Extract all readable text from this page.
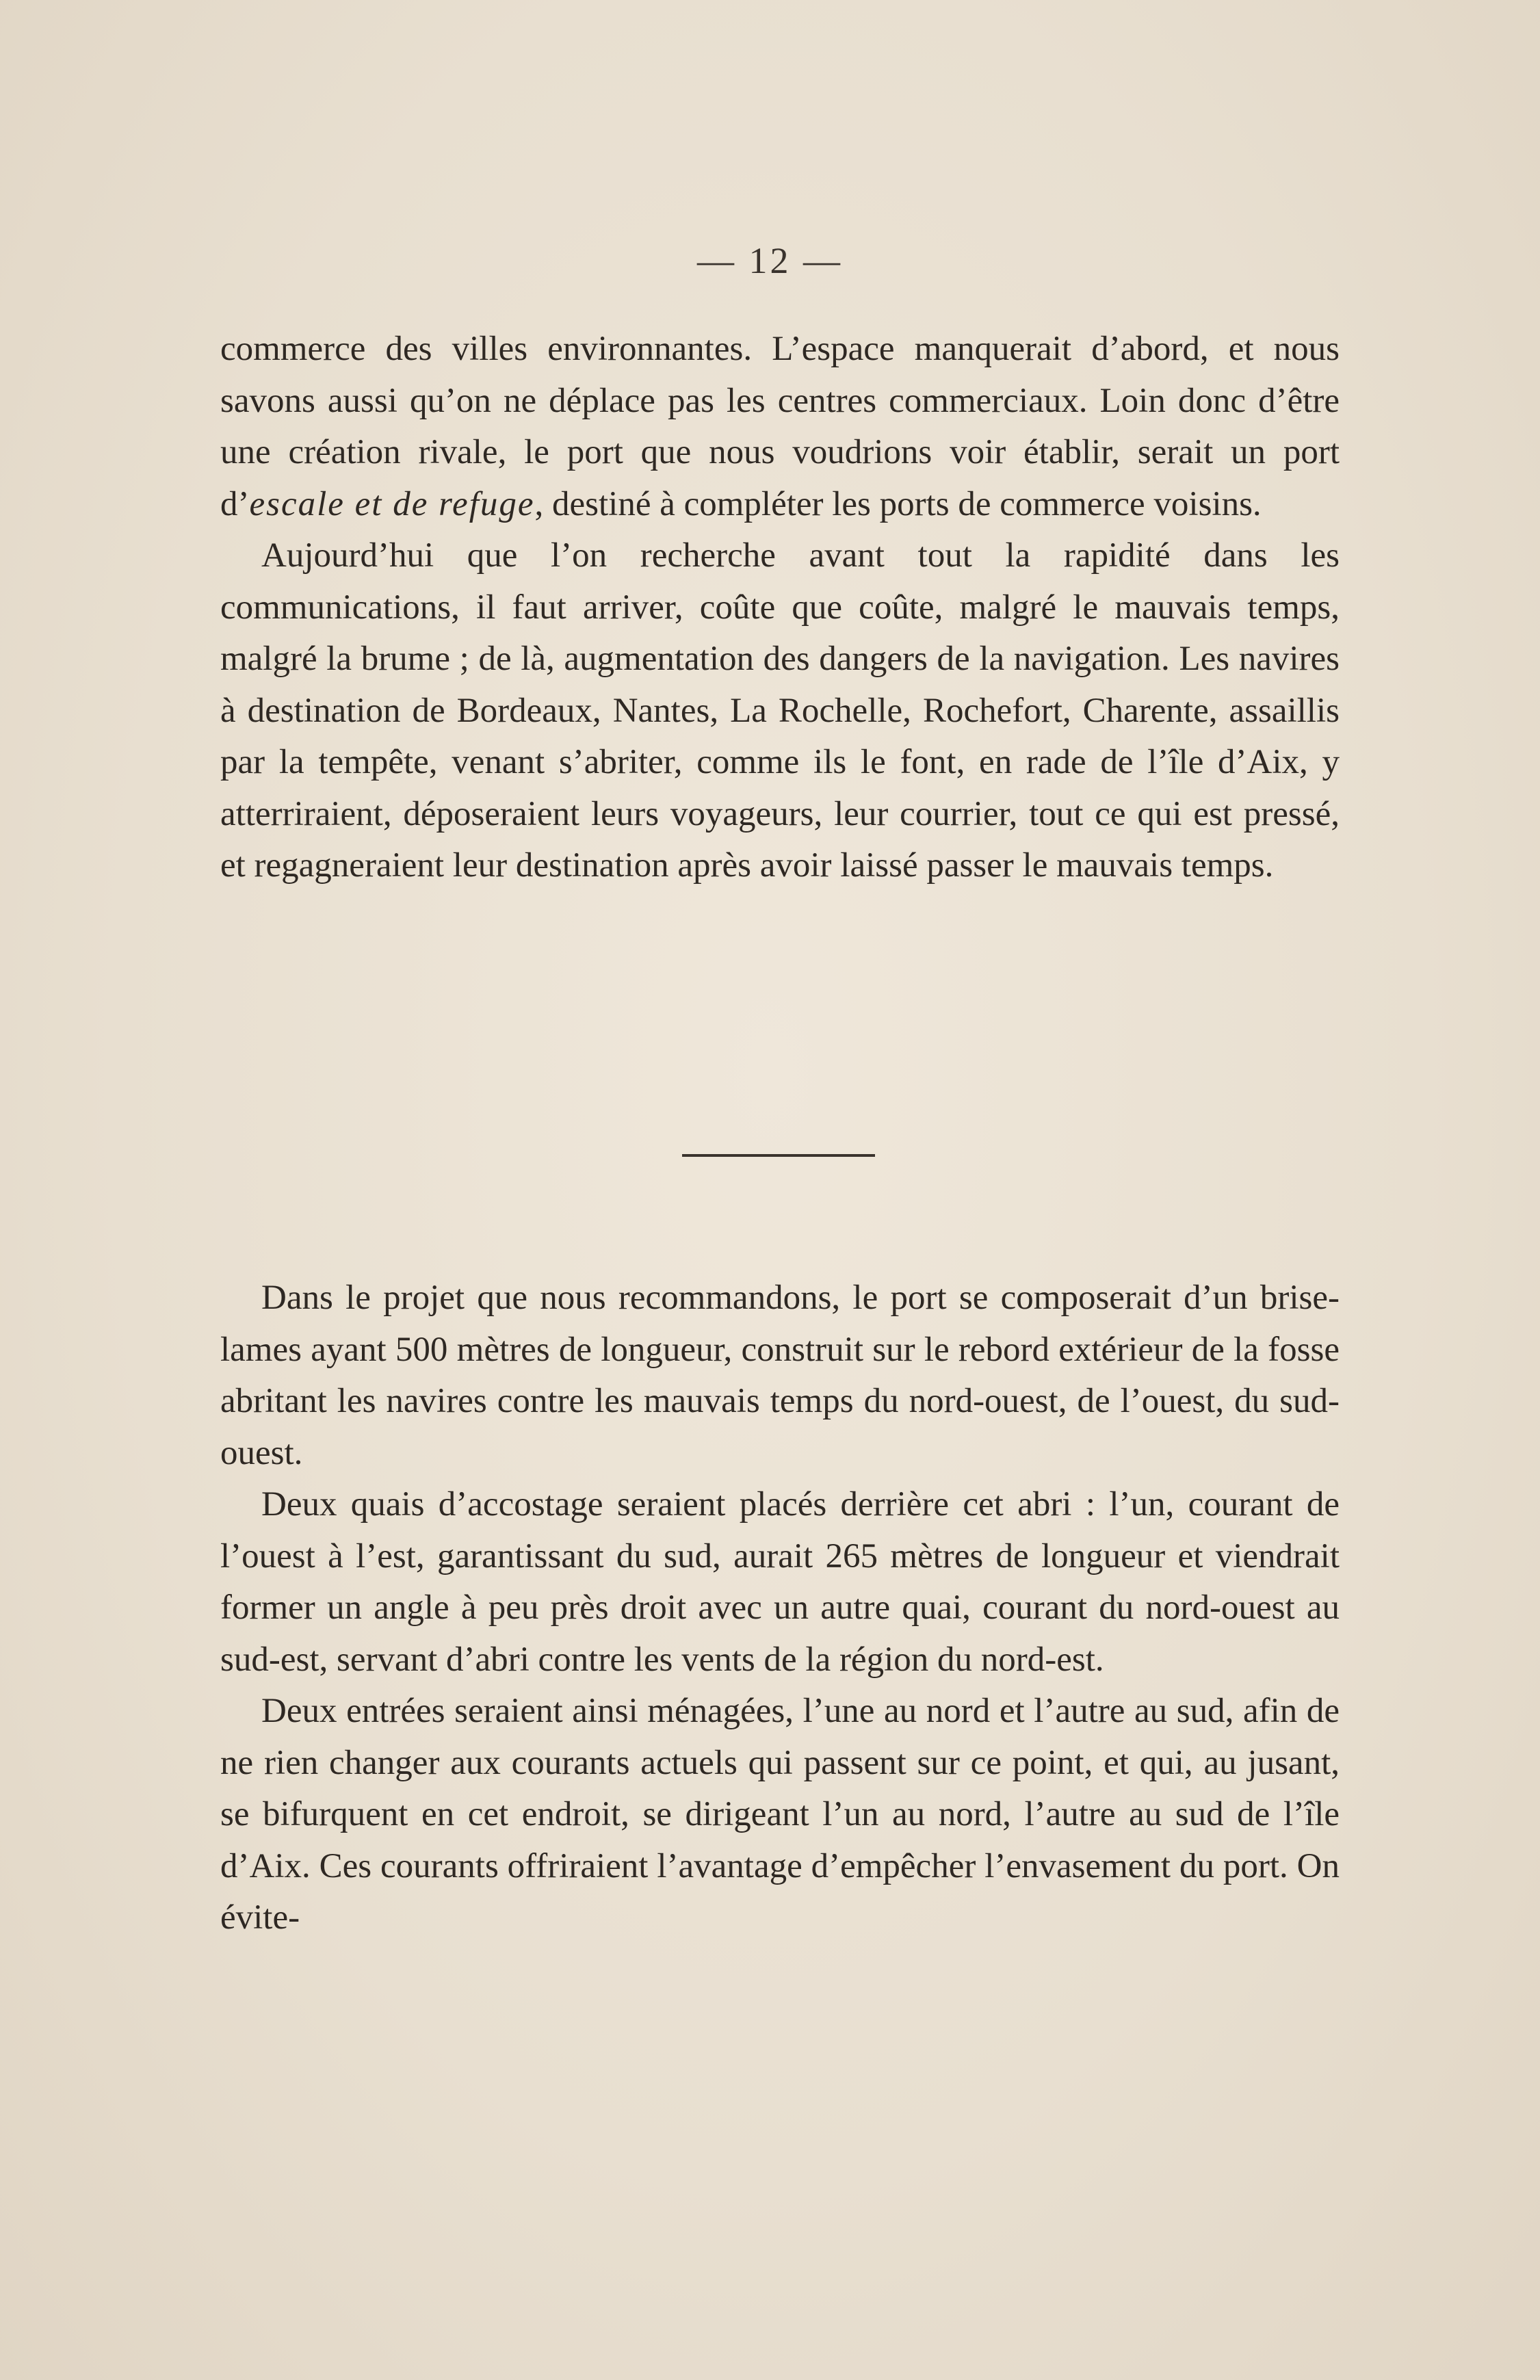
— 12 —

commerce des villes environnantes. L’espace manquerait d’abord, et nous savons aussi qu’on ne déplace pas les centres commerciaux. Loin donc d’être une création rivale, le port que nous voudrions voir établir, serait un port d’escale et de refuge, destiné à compléter les ports de commerce voisins.

Aujourd’hui que l’on recherche avant tout la rapidité dans les communications, il faut arriver, coûte que coûte, malgré le mauvais temps, malgré la brume ; de là, augmentation des dangers de la navigation. Les navires à destination de Bordeaux, Nantes, La Rochelle, Rochefort, Charente, assaillis par la tempête, venant s’abriter, comme ils le font, en rade de l’île d’Aix, y atterriraient, déposeraient leurs voyageurs, leur courrier, tout ce qui est pressé, et regagneraient leur destination après avoir laissé passer le mauvais temps.

Dans le projet que nous recommandons, le port se composerait d’un brise-lames ayant 500 mètres de longueur, construit sur le rebord extérieur de la fosse abritant les navires contre les mauvais temps du nord-ouest, de l’ouest, du sud-ouest.

Deux quais d’accostage seraient placés derrière cet abri : l’un, courant de l’ouest à l’est, garantissant du sud, aurait 265 mètres de longueur et viendrait former un angle à peu près droit avec un autre quai, courant du nord-ouest au sud-est, servant d’abri contre les vents de la région du nord-est.

Deux entrées seraient ainsi ménagées, l’une au nord et l’autre au sud, afin de ne rien changer aux courants actuels qui passent sur ce point, et qui, au jusant, se bifurquent en cet endroit, se dirigeant l’un au nord, l’autre au sud de l’île d’Aix. Ces courants offriraient l’avantage d’empêcher l’envasement du port. On évite-
